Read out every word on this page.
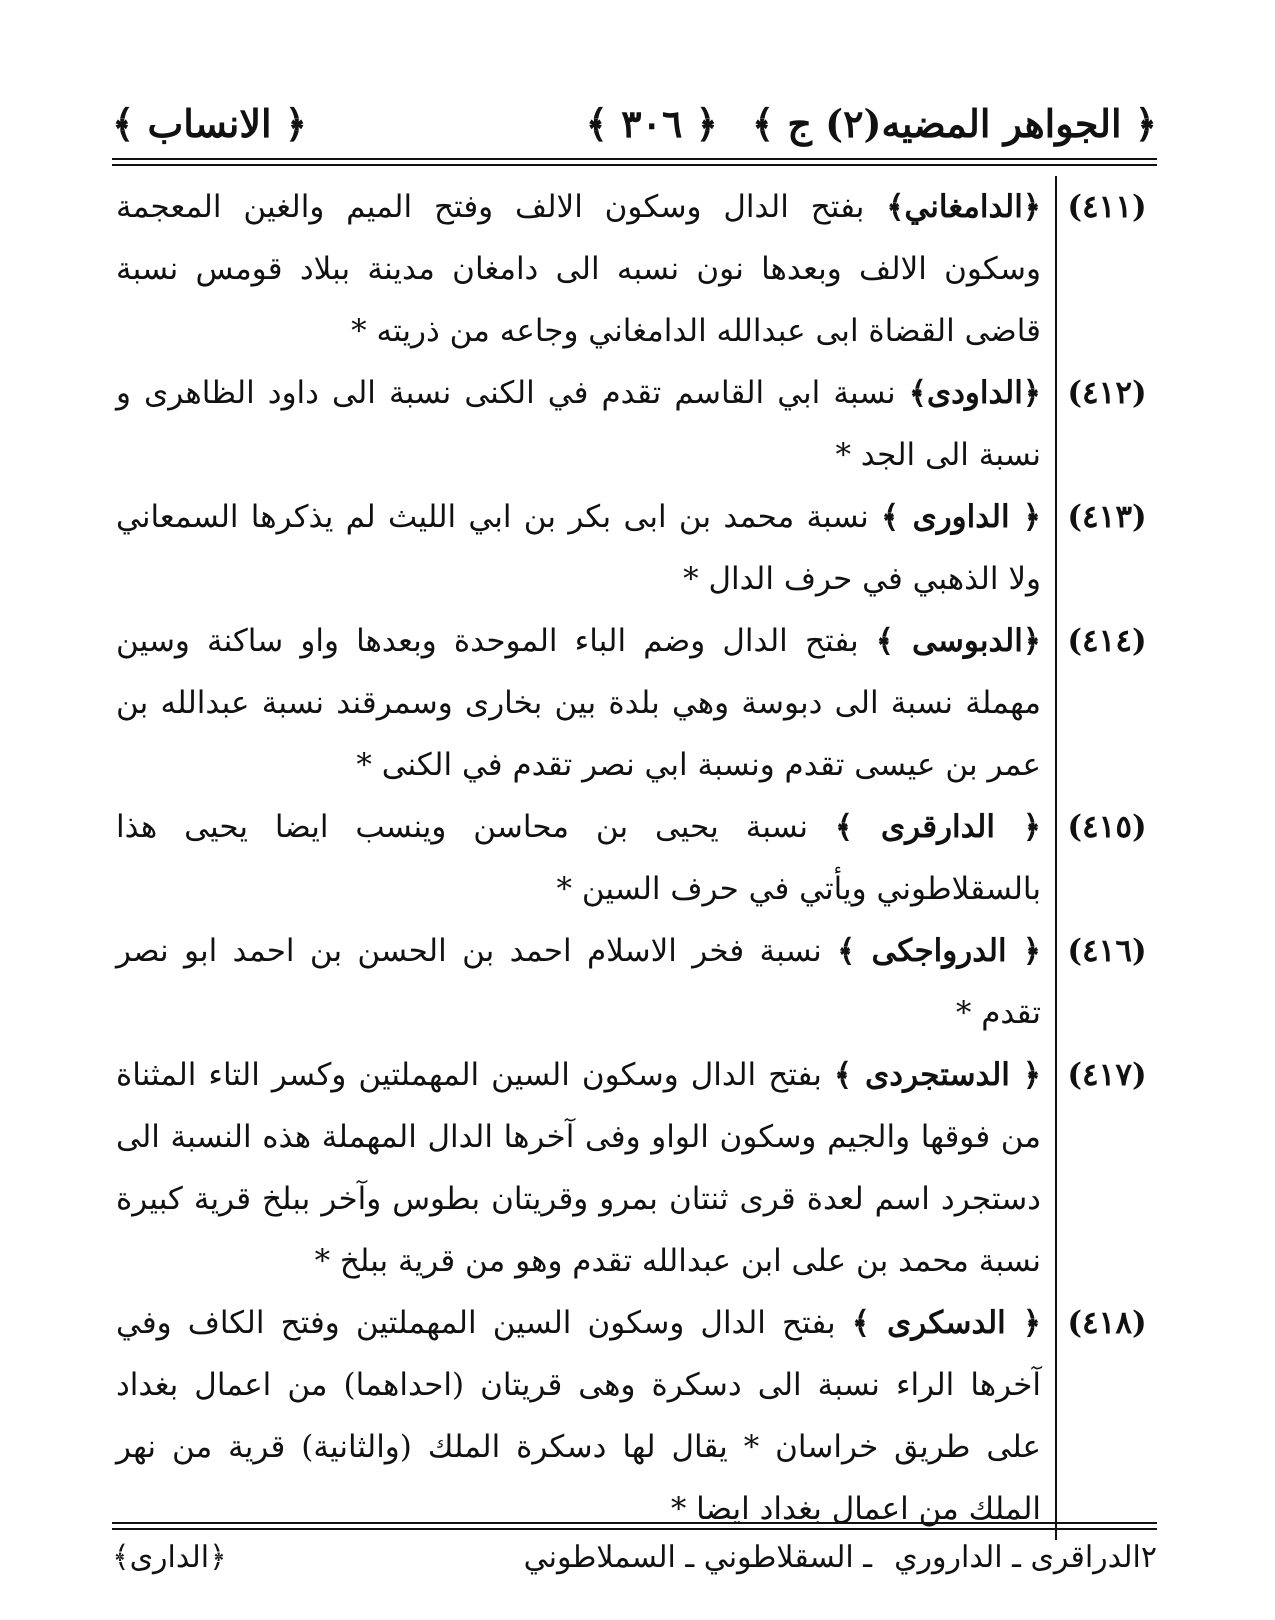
﴿ الجواهر المضيه(٢) ج ﴾
﴿ ٣٠٦ ﴾
﴿ الانساب ﴾
(٤١١)
﴿الدامغاني﴾ بفتح الدال وسكون الالف وفتح الميم والغين المعجمة وسكون الالف وبعدها نون نسبه الى دامغان مدينة ببلاد قومس نسبة قاضى القضاة ابى عبدالله الدامغاني وجاعه من ذريته *
(٤١٢)
﴿الداودى﴾ نسبة ابي القاسم تقدم في الكنى نسبة الى داود الظاهرى و نسبة الى الجد *
(٤١٣)
﴿ الداورى ﴾ نسبة محمد بن ابى بكر بن ابي الليث لم يذكرها السمعاني ولا الذهبي في حرف الدال *
(٤١٤)
﴿الدبوسى ﴾ بفتح الدال وضم الباء الموحدة وبعدها واو ساكنة وسين مهملة نسبة الى دبوسة وهي بلدة بين بخارى وسمرقند نسبة عبدالله بن عمر بن عيسى تقدم ونسبة ابي نصر تقدم في الكنى *
(٤١٥)
﴿ الدارقرى ﴾ نسبة يحيى بن محاسن وينسب ايضا يحيى هذا بالسقلاطوني ويأتي في حرف السين *
(٤١٦)
﴿ الدرواجكى ﴾ نسبة فخر الاسلام احمد بن الحسن بن احمد ابو نصر تقدم *
(٤١٧)
﴿ الدستجردى ﴾ بفتح الدال وسكون السين المهملتين وكسر التاء المثناة من فوقها والجيم وسكون الواو وفى آخرها الدال المهملة هذه النسبة الى دستجرد اسم لعدة قرى ثنتان بمرو وقريتان بطوس وآخر ببلخ قرية كبيرة نسبة محمد بن على ابن عبدالله تقدم وهو من قرية ببلخ *
(٤١٨)
﴿ الدسكرى ﴾ بفتح الدال وسكون السين المهملتين وفتح الكاف وفي آخرها الراء نسبة الى دسكرة وهى قريتان (احداهما) من اعمال بغداد على طريق خراسان * يقال لها دسكرة الملك (والثانية) قرية من نهر الملك من اعمال بغداد ايضا *
٢الدراقرى ـ الداروري
ـ السقلاطوني ـ السملاطوني
﴿الدارى﴾
